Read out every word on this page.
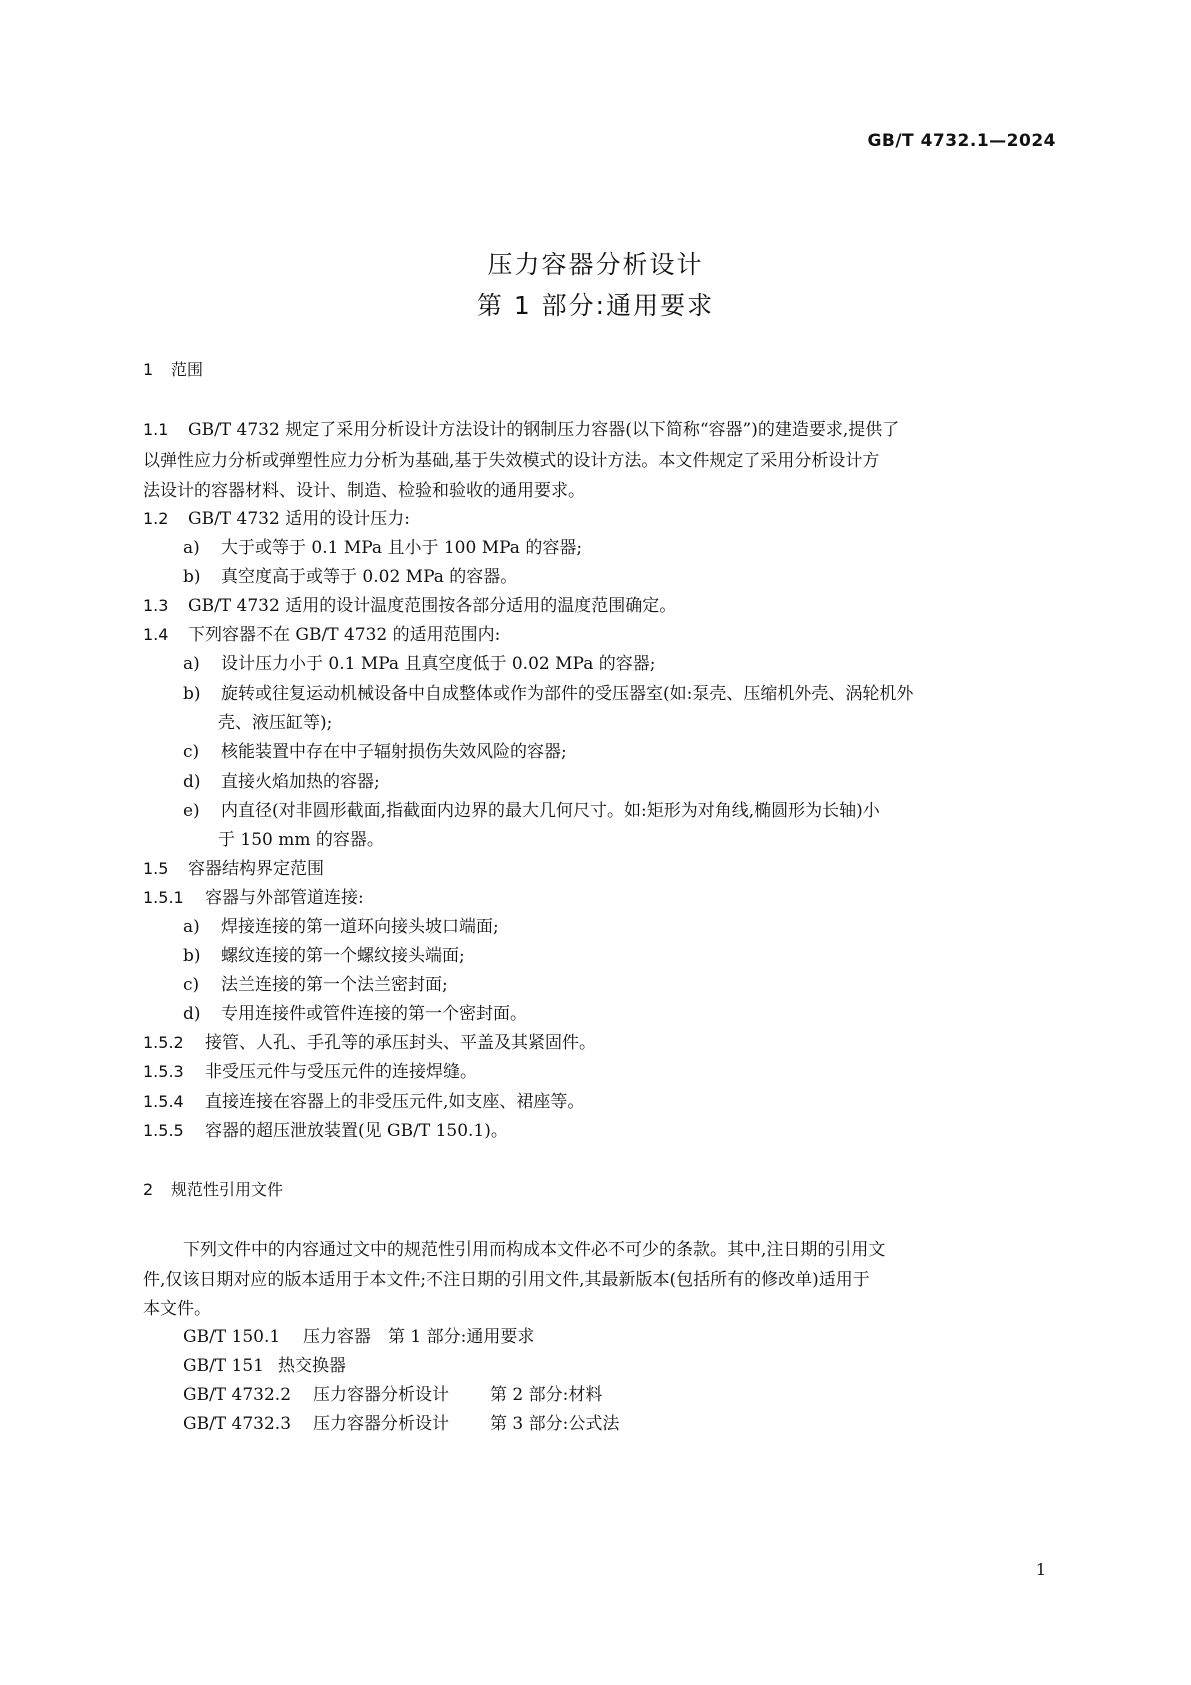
GB/T 4732.1—2024
压力容器分析设计
第 1 部分:通用要求
1 范围
1.1 GB/T 4732 规定了采用分析设计方法设计的钢制压力容器(以下简称“容器”)的建造要求,提供了
以弹性应力分析或弹塑性应力分析为基础,基于失效模式的设计方法。本文件规定了采用分析设计方
法设计的容器材料、设计、制造、检验和验收的通用要求。
1.2 GB/T 4732 适用的设计压力:
a) 大于或等于 0.1 MPa 且小于 100 MPa 的容器;
b) 真空度高于或等于 0.02 MPa 的容器。
1.3 GB/T 4732 适用的设计温度范围按各部分适用的温度范围确定。
1.4 下列容器不在 GB/T 4732 的适用范围内:
a) 设计压力小于 0.1 MPa 且真空度低于 0.02 MPa 的容器;
b) 旋转或往复运动机械设备中自成整体或作为部件的受压器室(如:泵壳、压缩机外壳、涡轮机外
壳、液压缸等);
c) 核能装置中存在中子辐射损伤失效风险的容器;
d) 直接火焰加热的容器;
e) 内直径(对非圆形截面,指截面内边界的最大几何尺寸。如:矩形为对角线,椭圆形为长轴)小
于 150 mm 的容器。
1.5 容器结构界定范围
1.5.1 容器与外部管道连接:
a) 焊接连接的第一道环向接头坡口端面;
b) 螺纹连接的第一个螺纹接头端面;
c) 法兰连接的第一个法兰密封面;
d) 专用连接件或管件连接的第一个密封面。
1.5.2 接管、人孔、手孔等的承压封头、平盖及其紧固件。
1.5.3 非受压元件与受压元件的连接焊缝。
1.5.4 直接连接在容器上的非受压元件,如支座、裙座等。
1.5.5 容器的超压泄放装置(见 GB/T 150.1)。
2 规范性引用文件
下列文件中的内容通过文中的规范性引用而构成本文件必不可少的条款。其中,注日期的引用文
件,仅该日期对应的版本适用于本文件;不注日期的引用文件,其最新版本(包括所有的修改单)适用于
本文件。
GB/T 150.1 压力容器 第 1 部分:通用要求
GB/T 151 热交换器
GB/T 4732.2 压力容器分析设计 第 2 部分:材料
GB/T 4732.3 压力容器分析设计 第 3 部分:公式法
1
